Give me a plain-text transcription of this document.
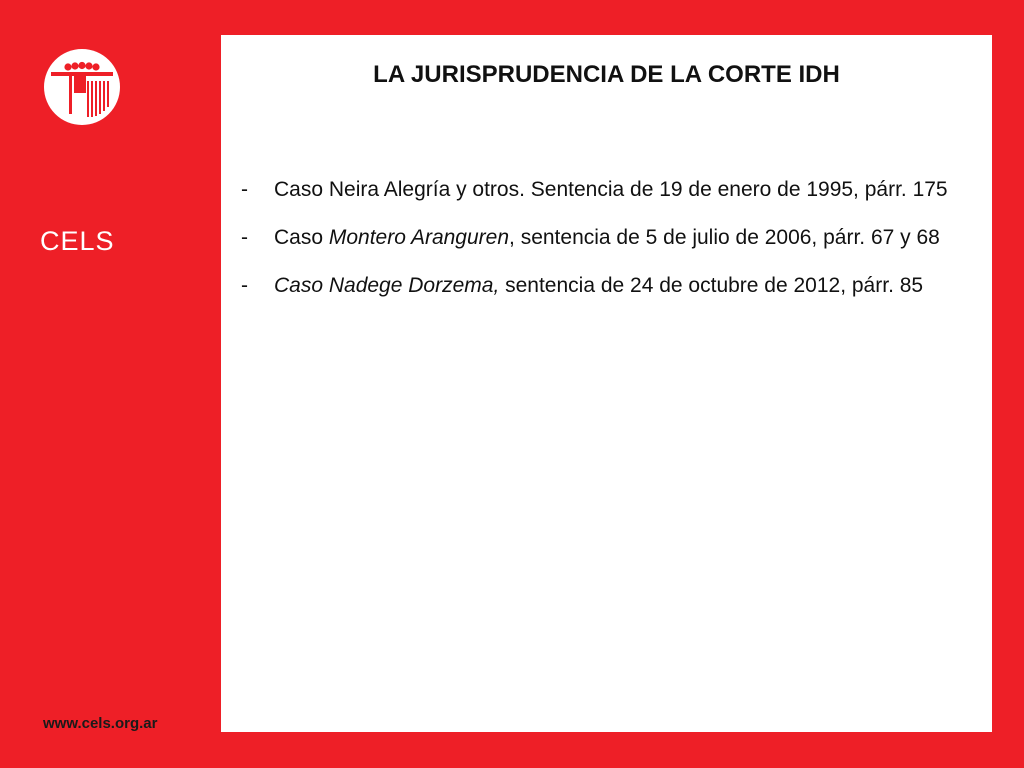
CELS
www.cels.org.ar
LA JURISPRUDENCIA DE LA CORTE IDH
- Caso Neira Alegría y otros. Sentencia de 19 de enero de 1995, párr. 175
- Caso Montero Aranguren, sentencia de 5 de julio de 2006, párr. 67 y 68
- Caso Nadege Dorzema, sentencia de 24 de octubre de 2012, párr. 85
